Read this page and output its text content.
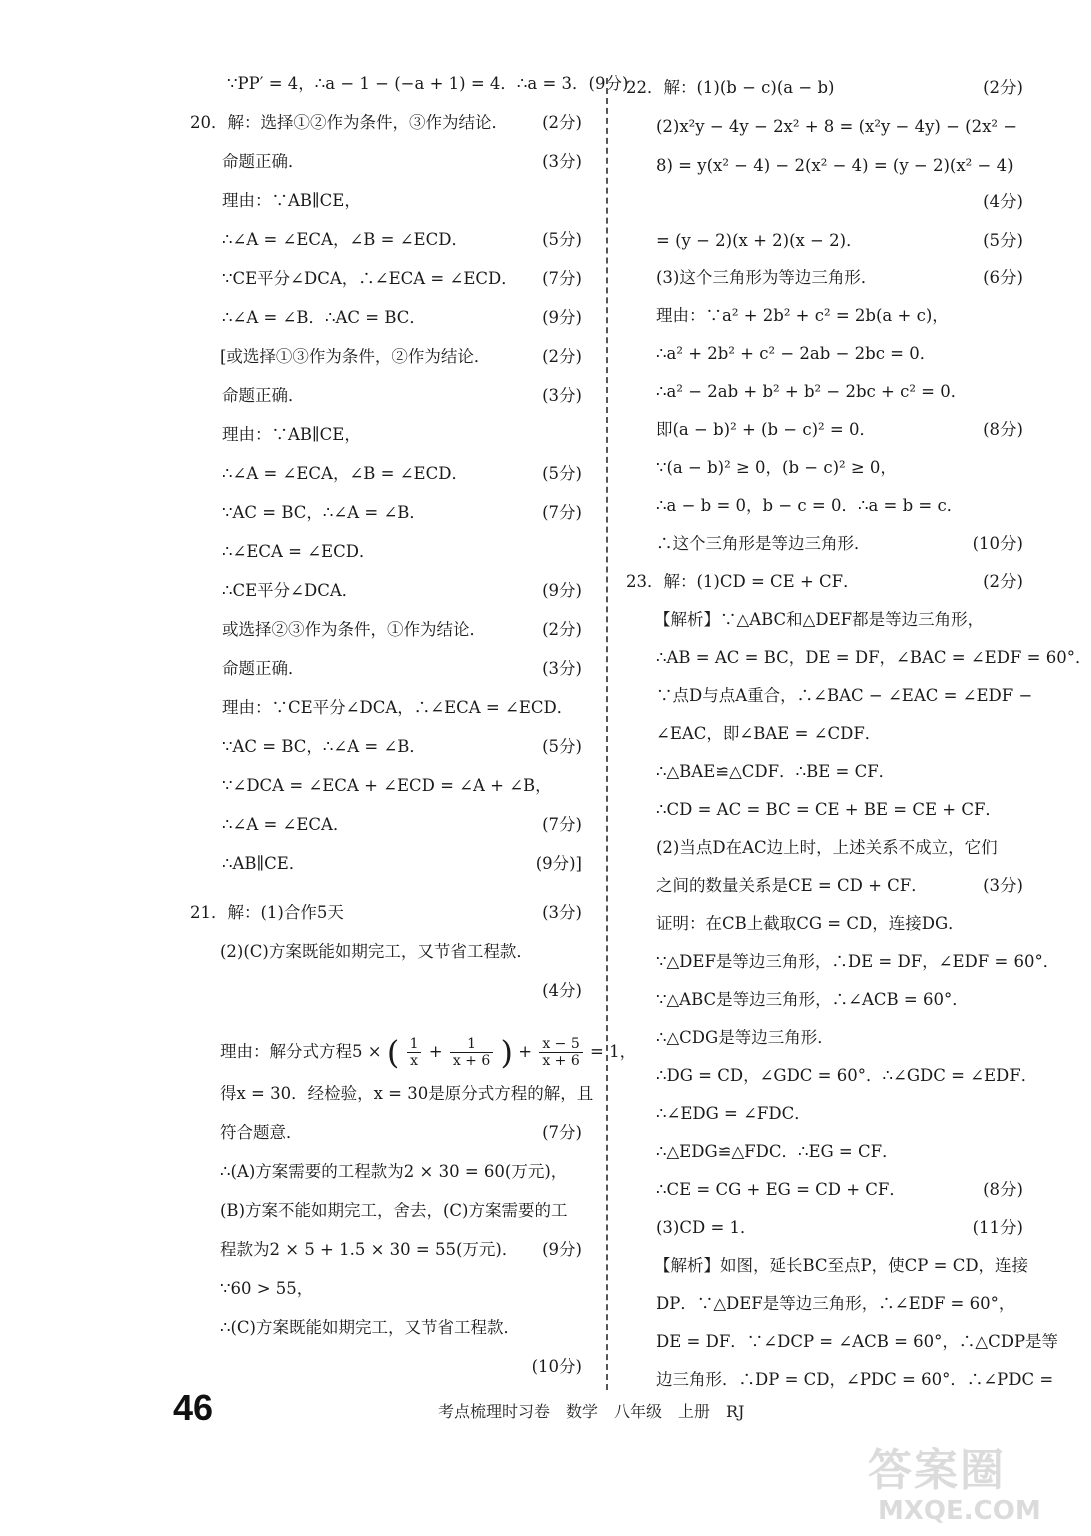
∵PP′ = 4，∴a − 1 − (−a + 1) = 4．∴a = 3．(9分)
20．解：选择①②作为条件，③作为结论． (2分)
命题正确．	(3分)
理由：∵AB∥CE，
∴∠A = ∠ECA，∠B = ∠ECD．	(5分)
∵CE平分∠DCA，∴∠ECA = ∠ECD． (7分)
∴∠A = ∠B．∴AC = BC．	(9分)
[或选择①③作为条件，②作为结论．	(2分)
命题正确．	(3分)
理由：∵AB∥CE，
∴∠A = ∠ECA，∠B = ∠ECD．	(5分)
∵AC = BC，∴∠A = ∠B．	(7分)
∴∠ECA = ∠ECD．
∴CE平分∠DCA．	(9分)
或选择②③作为条件，①作为结论．	(2分)
命题正确．	(3分)
理由：∵CE平分∠DCA，∴∠ECA = ∠ECD．
∵AC = BC，∴∠A = ∠B．	(5分)
∵∠DCA = ∠ECA + ∠ECD = ∠A + ∠B，
∴∠A = ∠ECA．	(7分)
∴AB∥CE．	(9分)]
21．解：(1)合作5天	(3分)
(2)(C)方案既能如期完工，又节省工程款．
(4分)
理由：解分式方程5 × ( $\frac{1}{x} + \frac{1}{x + 6}$ ) + $\frac{x - 5}{x + 6} = 1$，
得x = 30．经检验，x = 30是原分式方程的解，且
符合题意．	(7分)
∴(A)方案需要的工程款为2 × 30 = 60(万元)，
(B)方案不能如期完工，舍去，(C)方案需要的工
程款为2 × 5 + 1.5 × 30 = 55(万元)． (9分)
∵60 > 55，
∴(C)方案既能如期完工，又节省工程款．
(10分)
22．解：(1)(b − c)(a − b)	(2分)
(2)x²y − 4y − 2x² + 8 = (x²y − 4y) − (2x² −
8) = y(x² − 4) − 2(x² − 4) = (y − 2)(x² − 4)
(4分)
= (y − 2)(x + 2)(x − 2)．	(5分)
(3)这个三角形为等边三角形．	(6分)
理由：∵a² + 2b² + c² = 2b(a + c)，
∴a² + 2b² + c² − 2ab − 2bc = 0．
∴a² − 2ab + b² + b² − 2bc + c² = 0．
即(a − b)² + (b − c)² = 0．	(8分)
∵(a − b)² ≥ 0，(b − c)² ≥ 0，
∴a − b = 0，b − c = 0．∴a = b = c．
∴这个三角形是等边三角形．	(10分)
23．解：(1)CD = CE + CF．	(2分)
【解析】∵△ABC和△DEF都是等边三角形，
∴AB = AC = BC，DE = DF，∠BAC = ∠EDF = 60°．
∵点D与点A重合，∴∠BAC − ∠EAC = ∠EDF −
∠EAC，即∠BAE = ∠CDF．
∴△BAE≌△CDF．∴BE = CF．
∴CD = AC = BC = CE + BE = CE + CF．
(2)当点D在AC边上时，上述关系不成立，它们
之间的数量关系是CE = CD + CF．	(3分)
证明：在CB上截取CG = CD，连接DG．
∵△DEF是等边三角形，∴DE = DF，∠EDF = 60°．
∵△ABC是等边三角形，∴∠ACB = 60°．
∴△CDG是等边三角形．
∴DG = CD，∠GDC = 60°．∴∠GDC = ∠EDF．
∴∠EDG = ∠FDC．
∴△EDG≌△FDC．∴EG = CF．
∴CE = CG + EG = CD + CF．	(8分)
(3)CD = 1．	(11分)
【解析】如图，延长BC至点P，使CP = CD，连接
DP．∵△DEF是等边三角形，∴∠EDF = 60°，
DE = DF．∵∠DCP = ∠ACB = 60°，∴△CDP是等
边三角形．∴DP = CD，∠PDC = 60°．∴∠PDC =
46	考点梳理时习卷　数学　八年级　上册　RJ
答案圈
MXQE.COM
